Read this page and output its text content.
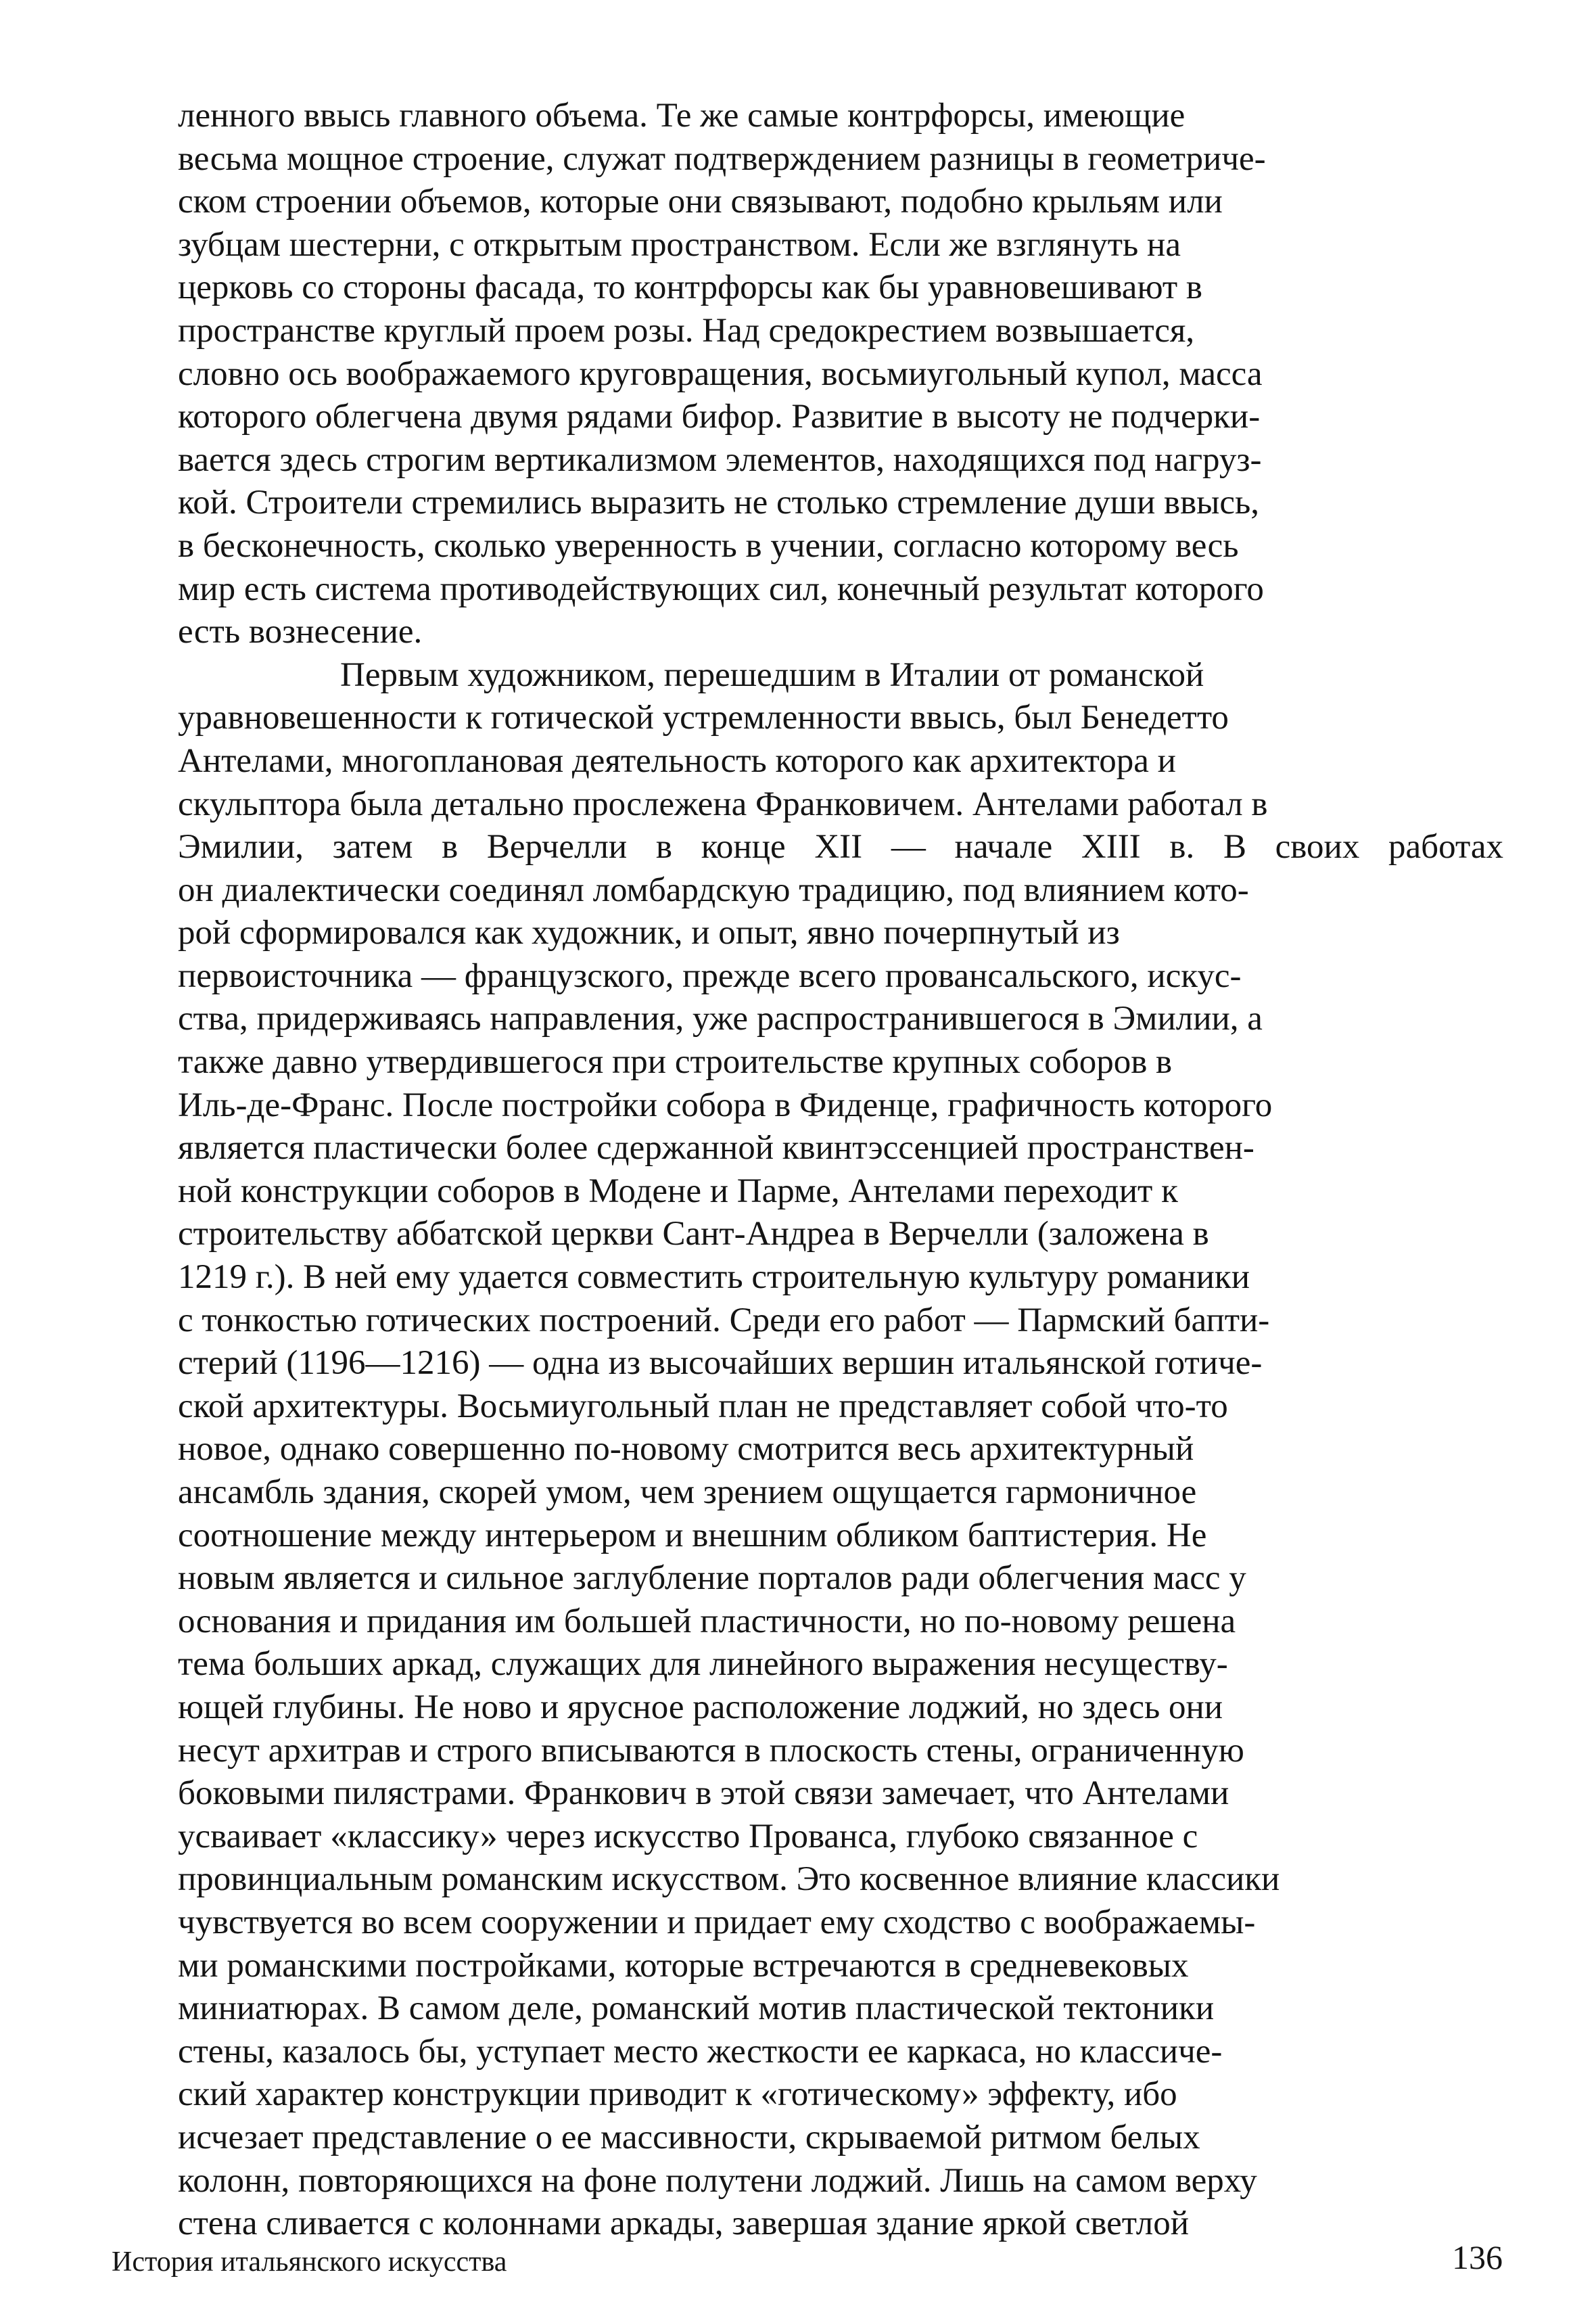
ленного ввысь главного объема. Те же самые контрфорсы, имеющие
весьма мощное строение, служат подтверждением разницы в геометриче-
ском строении объемов, которые они связывают, подобно крыльям или
зубцам шестерни, с открытым пространством. Если же взглянуть на
церковь со стороны фасада, то контрфорсы как бы уравновешивают в
пространстве круглый проем розы. Над средокрестием возвышается,
словно ось воображаемого круговращения, восьмиугольный купол, масса
которого облегчена двумя рядами бифор. Развитие в высоту не подчерки-
вается здесь строгим вертикализмом элементов, находящихся под нагруз-
кой. Строители стремились выразить не столько стремление души ввысь,
в бесконечность, сколько уверенность в учении, согласно которому весь
мир есть система противодействующих сил, конечный результат которого
есть вознесение.
Первым художником, перешедшим в Италии от романской
уравновешенности к готической устремленности ввысь, был Бенедетто
Антелами, многоплановая деятельность которого как архитектора и
скульптора была детально прослежена Франковичем. Антелами работал в
Эмилии, затем в Верчелли в конце XII — начале XIII в. В своих работах
он диалектически соединял ломбардскую традицию, под влиянием кото-
рой сформировался как художник, и опыт, явно почерпнутый из
первоисточника — французского, прежде всего провансальского, искус-
ства, придерживаясь направления, уже распространившегося в Эмилии, а
также давно утвердившегося при строительстве крупных соборов в
Иль-де-Франс. После постройки собора в Фиденце, графичность которого
является пластически более сдержанной квинтэссенцией пространствен-
ной конструкции соборов в Модене и Парме, Антелами переходит к
строительству аббатской церкви Сант-Андреа в Верчелли (заложена в
1219 г.). В ней ему удается совместить строительную культуру романики
с тонкостью готических построений. Среди его работ — Пармский бапти-
стерий (1196—1216) — одна из высочайших вершин итальянской готиче-
ской архитектуры. Восьмиугольный план не представляет собой что-то
новое, однако совершенно по-новому смотрится весь архитектурный
ансамбль здания, скорей умом, чем зрением ощущается гармоничное
соотношение между интерьером и внешним обликом баптистерия. Не
новым является и сильное заглубление порталов ради облегчения масс у
основания и придания им большей пластичности, но по-новому решена
тема больших аркад, служащих для линейного выражения несуществу-
ющей глубины. Не ново и ярусное расположение лоджий, но здесь они
несут архитрав и строго вписываются в плоскость стены, ограниченную
боковыми пилястрами. Франкович в этой связи замечает, что Антелами
усваивает «классику» через искусство Прованса, глубоко связанное с
провинциальным романским искусством. Это косвенное влияние классики
чувствуется во всем сооружении и придает ему сходство с воображаемы-
ми романскими постройками, которые встречаются в средневековых
миниатюрах. В самом деле, романский мотив пластической тектоники
стены, казалось бы, уступает место жесткости ее каркаса, но классиче-
ский характер конструкции приводит к «готическому» эффекту, ибо
исчезает представление о ее массивности, скрываемой ритмом белых
колонн, повторяющихся на фоне полутени лоджий. Лишь на самом верху
стена сливается с колоннами аркады, завершая здание яркой светлой
История итальянского искусства	136
